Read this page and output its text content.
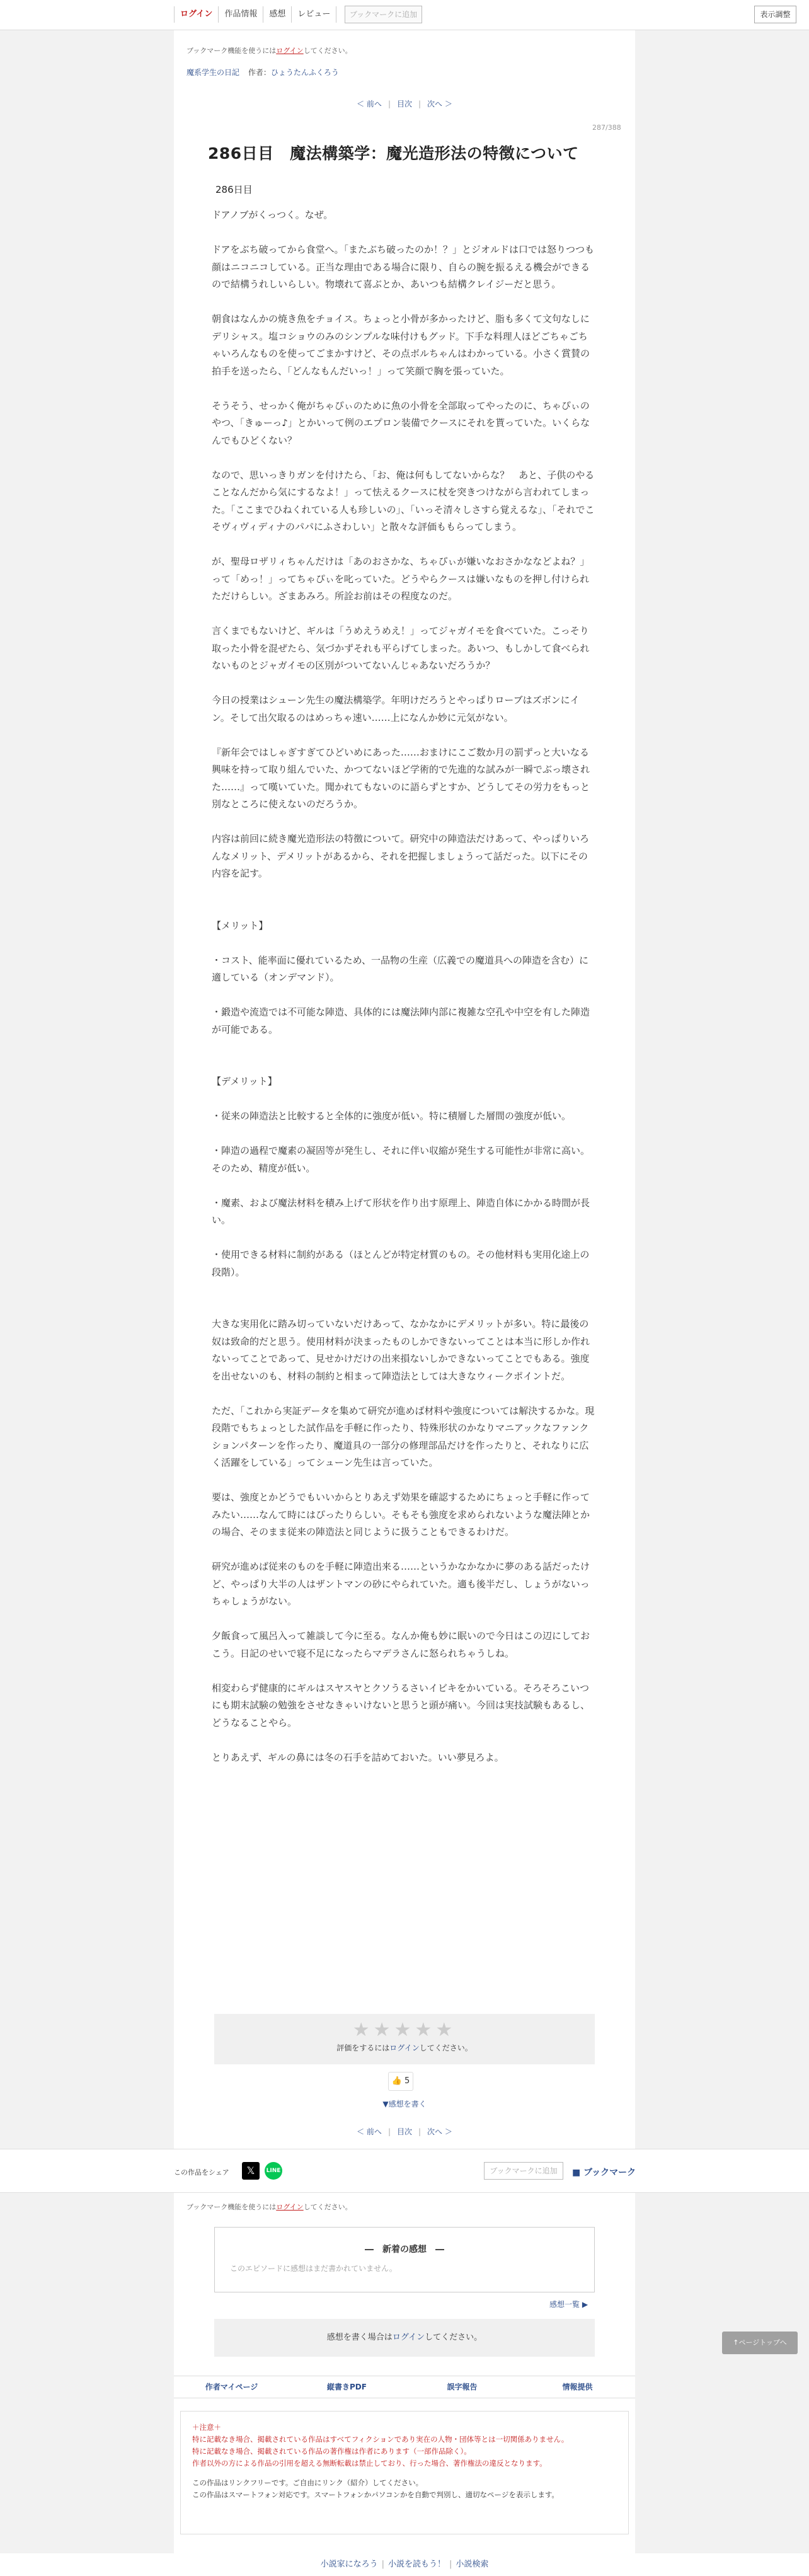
ログイン	作品情報	感想	レビュー	ブックマークに追加	表示調整
ブックマーク機能を使うにはログインしてください。
魔系学生の日記 作者：ひょうたんふくろう
＜ 前へ | 目次 | 次へ ＞
287/388
286日目　魔法構築学：魔光造形法の特徴について
286日目

ドアノブがくっつく。なぜ。

ドアをぶち破ってから食堂へ。「またぶち破ったのか！？」とジオルドは口では怒りつつも顔はニコニコしている。正当な理由である場合に限り、自らの腕を振るえる機会ができるので結構うれしいらしい。物壊れて喜ぶとか、あいつも結構クレイジーだと思う。

朝食はなんかの焼き魚をチョイス。ちょっと小骨が多かったけど、脂も多くて文句なしにデリシャス。塩コショウのみのシンプルな味付けもグッド。下手な料理人ほどごちゃごちゃいろんなものを使ってごまかすけど、その点ボルちゃんはわかっている。小さく賞賛の拍手を送ったら、「どんなもんだいっ！」って笑顔で胸を張っていた。

そうそう、せっかく俺がちゃぴぃのために魚の小骨を全部取ってやったのに、ちゃぴぃのやつ、「きゅーっ♪」とかいって例のエプロン装備でクースにそれを貰っていた。いくらなんでもひどくない？

なので、思いっきりガンを付けたら、「お、俺は何もしてないからな？　あと、子供のやることなんだから気にするなよ！」って怯えるクースに杖を突きつけながら言われてしまった。「ここまでひねくれている人も珍しいの」、「いっそ清々しさすら覚えるな」、「それでこそヴィヴィディナのパパにふさわしい」と散々な評価ももらってしまう。

が、聖母ロザリィちゃんだけは「あのおさかな、ちゃぴぃが嫌いなおさかななどよね？」って「めっ！」ってちゃぴぃを叱っていた。どうやらクースは嫌いなものを押し付けられただけらしい。ざまあみろ。所詮お前はその程度なのだ。

言くまでもないけど、ギルは「うめえうめえ！」ってジャガイモを食べていた。こっそり取った小骨を混ぜたら、気づかずそれも平らげてしまった。あいつ、もしかして食べられないものとジャガイモの区別がついてないんじゃあないだろうか？

今日の授業はシューン先生の魔法構築学。年明けだろうとやっぱりローブはズボンにイン。そして出欠取るのはめっちゃ速い……上になんか妙に元気がない。

『新年会ではしゃぎすぎてひどいめにあった……おまけにこご数か月の罰ずっと大いなる興味を持って取り組んでいた、かつてないほど学術的で先進的な試みが一瞬でぶっ壊された……』って嘆いていた。聞かれてもないのに語らずとすか、どうしてその労力をもっと別なところに使えないのだろうか。

内容は前回に続き魔光造形法の特徴について。研究中の陣造法だけあって、やっぱりいろんなメリット、デメリットがあるから、それを把握しましょうって話だった。以下にその内容を記す。

【メリット】

・コスト、能率面に優れているため、一品物の生産（広義での魔道具への陣造を含む）に適している（オンデマンド）。

・鍛造や流造では不可能な陣造、具体的には魔法陣内部に複雑な空孔や中空を有した陣造が可能である。

【デメリット】

・従来の陣造法と比較すると全体的に強度が低い。特に積層した層間の強度が低い。

・陣造の過程で魔素の凝固等が発生し、それに伴い収縮が発生する可能性が非常に高い。そのため、精度が低い。

・魔素、および魔法材料を積み上げて形状を作り出す原理上、陣造自体にかかる時間が長い。

・使用できる材料に制約がある（ほとんどが特定材質のもの。その他材料も実用化途上の段階）。

大きな実用化に踏み切っていないだけあって、なかなかにデメリットが多い。特に最後の奴は致命的だと思う。使用材料が決まったものしかできないってことは本当に形しか作れないってことであって、見せかけだけの出来損ないしかできないってことでもある。強度を出せないのも、材料の制約と相まって陣造法としては大きなウィークポイントだ。

ただ、「これから実証データを集めて研究が進めば材料や強度については解決するかな。現段階でもちょっとした試作品を手軽に作ったり、特殊形状のかなりマニアックなファンクションパターンを作ったり、魔道具の一部分の修理部品だけを作ったりと、それなりに広く活躍をしている」ってシューン先生は言っていた。

要は、強度とかどうでもいいからとりあえず効果を確認するためにちょっと手軽に作ってみたい……なんて時にはぴったりらしい。そもそも強度を求められないような魔法陣とかの場合、そのまま従来の陣造法と同じように扱うこともできるわけだ。

研究が進めば従来のものを手軽に陣造出来る……というかなかなかに夢のある話だったけど、やっぱり大半の人はザントマンの砂にやられていた。適も後半だし、しょうがないっちゃしょうがない。

夕飯食って風呂入って雑談して今に至る。なんか俺も妙に眠いので今日はこの辺にしておこう。日記のせいで寝不足になったらマデラさんに怒られちゃうしね。

相変わらず健康的にギルはスヤスヤとクソうるさいイビキをかいている。そろそろこいつにも期末試験の勉強をさせなきゃいけないと思うと頭が痛い。今回は実技試験もあるし、どうなることやら。

とりあえず、ギルの鼻には冬の石手を詰めておいた。いい夢見ろよ。

★★★★★
評価をするにはログインしてください。
👍 5
▼感想を書く
＜ 前へ | 目次 | 次へ ＞
この作品をシェア	𝕏	LINE	ブックマークに追加	■ ブックマーク
ブックマーク機能を使うにはログインしてください。
―　新着の感想　―
このエピソードに感想はまだ書かれていません。
感想一覧 ▶
感想を書く場合はログインしてください。
作者マイページ	縦書きPDF	誤字報告	情報提供
＋注意＋
特に記載なき場合、掲載されている作品はすべてフィクションであり実在の人物・団体等とは一切関係ありません。
特に記載なき場合、掲載されている作品の著作権は作者にあります（一部作品除く）。
作者以外の方による作品の引用を超える無断転載は禁止しており、行った場合、著作権法の違反となります。
この作品はリンクフリーです。ご自由にリンク（紹介）してください。
この作品はスマートフォン対応です。スマートフォンかパソコンかを自動で判別し、適切なページを表示します。
↑ページトップへ
小説家になろう | 小説を読もう！ | 小説検索
